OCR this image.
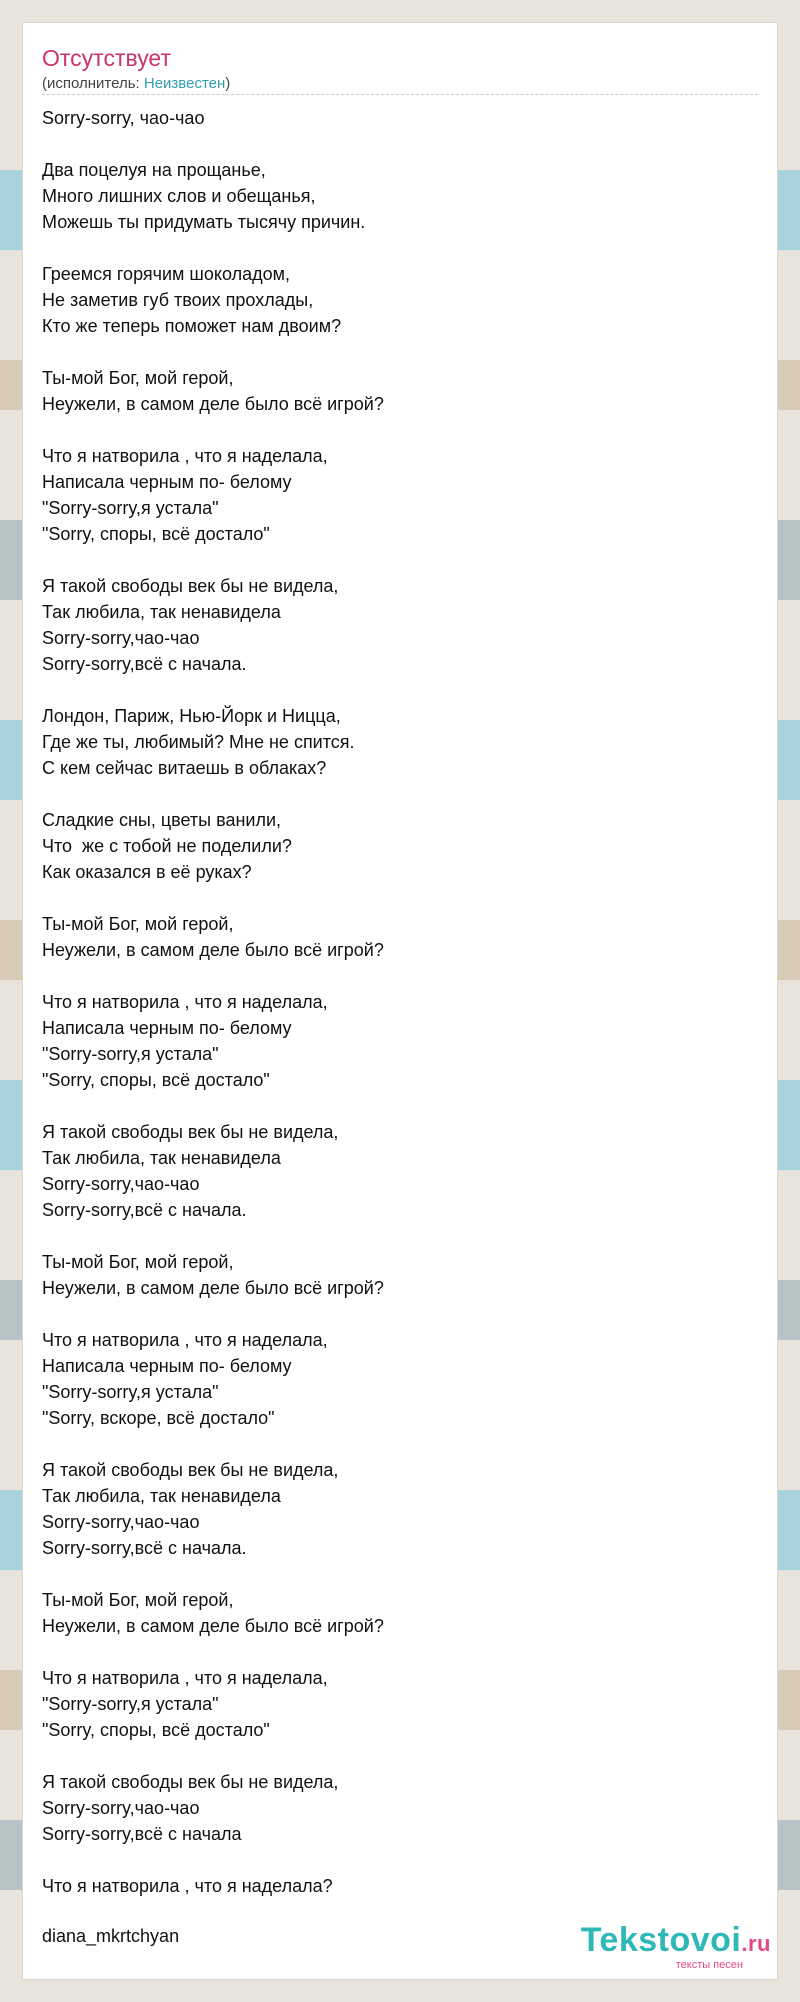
Отсутствует
(исполнитель: Неизвестен)
Sorry-sorry, чао-чао
Два поцелуя на прощанье,
Много лишних слов и обещанья,
Можешь ты придумать тысячу причин.
Греемся горячим шоколадом,
Не заметив губ твоих прохлады,
Кто же теперь поможет нам двоим?
Ты-мой Бог, мой герой,
Неужели, в самом деле было всё игрой?
Что я натворила , что я наделала,
Написала черным по- белому
"Sorry-sorry,я устала"
"Sorry, споры, всё достало"
Я такой свободы век бы не видела,
Так любила, так ненавидела
Sorry-sorry,чао-чао
Sorry-sorry,всё с начала.
Лондон, Париж, Нью-Йорк и Ницца,
Где же ты, любимый? Мне не спится.
С кем сейчас витаешь в облаках?
Сладкие сны, цветы ванили,
Что  же с тобой не поделили?
Как оказался в её руках?
Ты-мой Бог, мой герой,
Неужели, в самом деле было всё игрой?
Что я натворила , что я наделала,
Написала черным по- белому
"Sorry-sorry,я устала"
"Sorry, споры, всё достало"
Я такой свободы век бы не видела,
Так любила, так ненавидела
Sorry-sorry,чао-чао
Sorry-sorry,всё с начала.
Ты-мой Бог, мой герой,
Неужели, в самом деле было всё игрой?
Что я натворила , что я наделала,
Написала черным по- белому
"Sorry-sorry,я устала"
"Sorry, вскоре, всё достало"
Я такой свободы век бы не видела,
Так любила, так ненавидела
Sorry-sorry,чао-чао
Sorry-sorry,всё с начала.
Ты-мой Бог, мой герой,
Неужели, в самом деле было всё игрой?
Что я натворила , что я наделала,
"Sorry-sorry,я устала"
"Sorry, споры, всё достало"
Я такой свободы век бы не видела,
Sorry-sorry,чао-чао
Sorry-sorry,всё с начала
Что я натворила , что я наделала?
diana_mkrtchyan	Tekstovoi.ru
тексты песен
